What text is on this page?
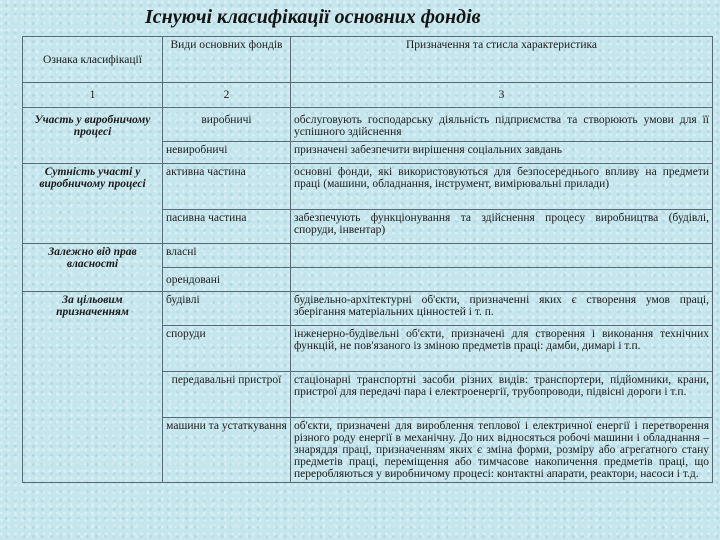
Існуючі класифікації основних фондів
Ознака класифікації	Види основних фондів	Призначення та стисла характеристика
1	2	3
Участь у виробничому процесі	виробничі	обслуговують господарську діяльність підприємства та створюють умови для її успішного здійснення
	невиробничі	призначені забезпечити вирішення соціальних завдань
Сутність участі у виробничому процесі	активна частина	основні фонди, які використовуються для безпосереднього впливу на предмети праці (машини, обладнання, інструмент, вимірювальні прилади)
	пасивна частина	забезпечують функціонування та здійснення процесу виробництва (будівлі, споруди, інвентар)
Залежно від прав власності	власні	
	орендовані	
За цільовим призначенням	будівлі	будівельно-архітектурні об'єкти, призначенні яких є створення умов праці, зберігання матеріальних цінностей і т. п.
	споруди	інженерно-будівельні об'єкти, призначені для створення і виконання технічних функцій, не пов'язаного із зміною предметів праці: дамби, димарі і т.п.
	передавальні пристрої	стаціонарні транспортні засоби різних видів: транспортери, підйомники, крани, пристрої для передачі пара і електроенергії, трубопроводи, підвісні дороги і т.п.
	машини та устаткування	об'єкти, призначені для вироблення теплової і електричної енергії і перетворення різного роду енергії в механічну. До них відносяться робочі машини і обладнання – знаряддя праці, призначенням яких є зміна форми, розміру або агрегатного стану предметів праці, переміщення або тимчасове накопичення предметів праці, що переробляються у виробничому процесі: контактні апарати, реактори, насоси і т.д.
